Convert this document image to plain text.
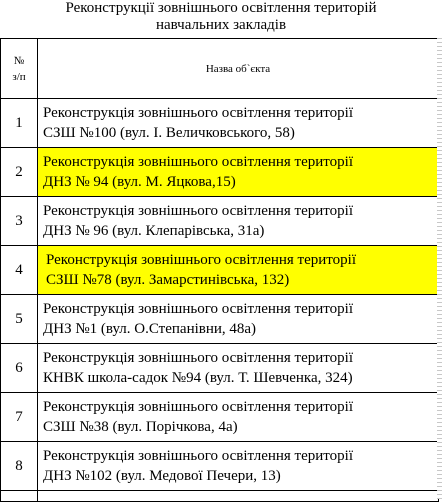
Реконструкції зовнішнього освітлення територій
навчальних закладів
№
з/п	Назва об`єкта
1	Реконструкція зовнішнього освітлення території
СЗШ №100 (вул. І. Величковського, 58)

2	Реконструкція зовнішнього освітлення території
ДНЗ № 94 (вул. М. Яцкова,15)

3	Реконструкція зовнішнього освітлення території
ДНЗ № 96 (вул. Клепарівська, 31а)

4	Реконструкція зовнішнього освітлення території
СЗШ №78 (вул. Замарстинівська, 132)

5	Реконструкція зовнішнього освітлення території
ДНЗ №1 (вул. О.Степанівни, 48а)

6	Реконструкція зовнішнього освітлення території
КНВК школа-садок №94 (вул. Т. Шевченка, 324)

7	Реконструкція зовнішнього освітлення території
СЗШ №38 (вул. Порічкова, 4а)

8	Реконструкція зовнішнього освітлення території
ДНЗ №102 (вул. Медової Печери, 13)
